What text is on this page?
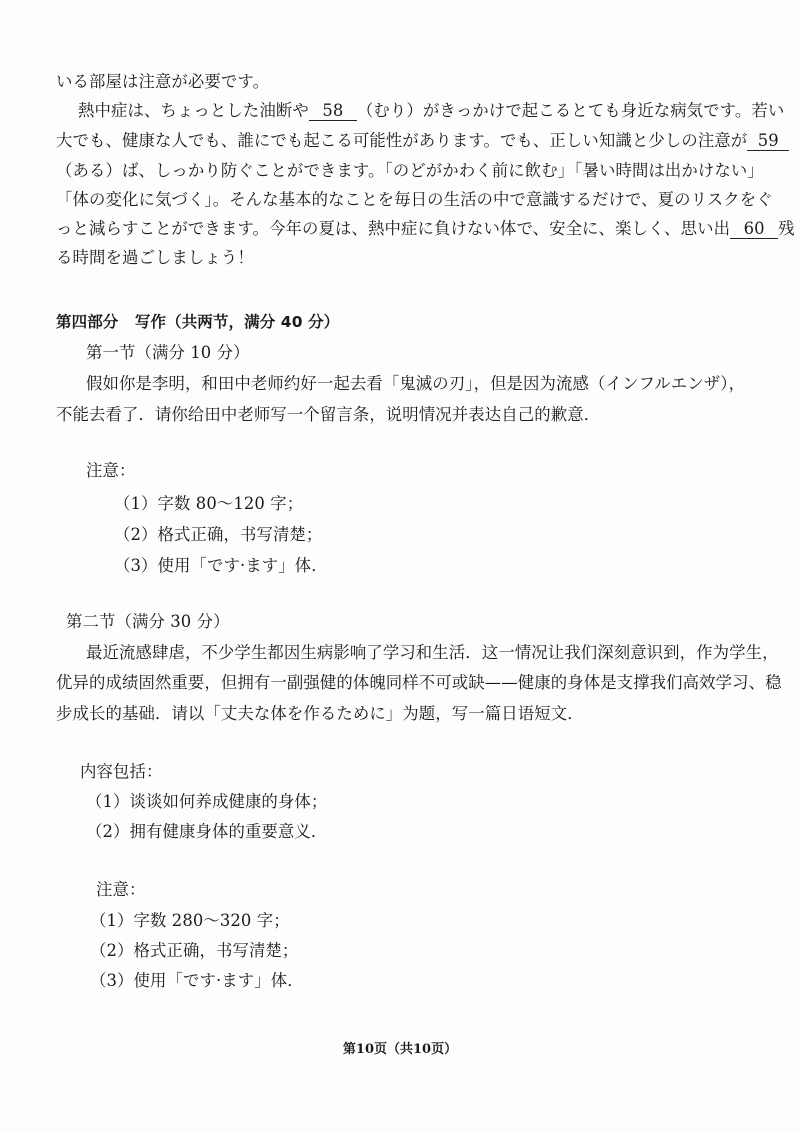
いる部屋は注意が必要です。
熱中症は、ちょっとした油断や 58 （むり）がきっかけで起こるとても身近な病気です。若い
大でも、健康な人でも、誰にでも起こる可能性があります。でも、正しい知識と少しの注意が 59
（ある）ば、しっかり防ぐことができます。「のどがかわく前に飲む」「暑い時間は出かけない」
「体の変化に気づく」。そんな基本的なことを毎日の生活の中で意識するだけで、夏のリスクをぐ
っと減らすことができます。今年の夏は、熱中症に負けない体で、安全に、楽しく、思い出 60 残
る時間を過ごしましょう！
第四部分 写作（共两节，满分 40 分）
第一节（满分 10 分）
假如你是李明，和田中老师约好一起去看「鬼滅の刃」，但是因为流感（インフルエンザ），
不能去看了．请你给田中老师写一个留言条，说明情况并表达自己的歉意．
注意：
（1）字数 80～120 字；
（2）格式正确，书写清楚；
（3）使用「です·ます」体．
第二节（满分 30 分）
最近流感肆虐，不少学生都因生病影响了学习和生活．这一情况让我们深刻意识到，作为学生，
优异的成绩固然重要，但拥有一副强健的体魄同样不可或缺——健康的身体是支撑我们高效学习、稳
步成长的基础．请以「丈夫な体を作るために」为题，写一篇日语短文．
内容包括：
（1）谈谈如何养成健康的身体；
（2）拥有健康身体的重要意义．
注意：
（1）字数 280～320 字；
（2）格式正确，书写清楚；
（3）使用「です·ます」体．
第10页（共10页）
